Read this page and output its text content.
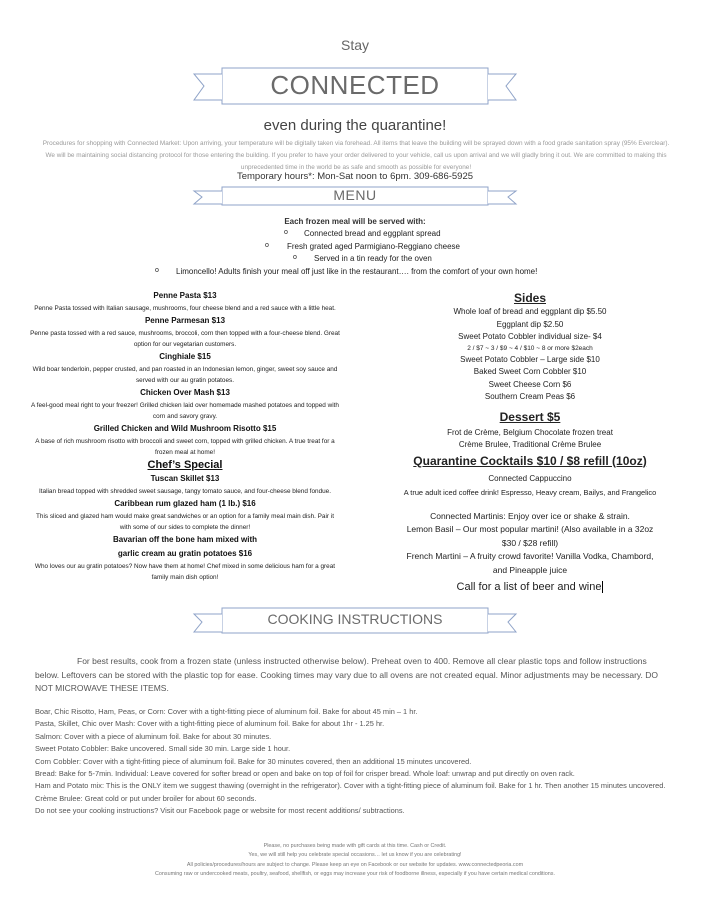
Stay
CONNECTED
even during the quarantine!
Procedures for shopping with Connected Market: Upon arriving, your temperature will be digitally taken via forehead. All items that leave the building will be sprayed down with a food grade sanitation spray (95% Everclear). We will be maintaining social distancing protocol for those entering the building. If you prefer to have your order delivered to your vehicle, call us upon arrival and we will gladly bring it out. We are committed to making this unprecedented time in the world be as safe and smooth as possible for everyone!
Temporary hours*: Mon-Sat noon to 6pm. 309-686-5925
MENU
Each frozen meal will be served with:
o Connected bread and eggplant spread
o Fresh grated aged Parmigiano-Reggiano cheese
o Served in a tin ready for the oven
o Limoncello! Adults finish your meal off just like in the restaurant…. from the comfort of your own home!
Penne Pasta $13
Penne Pasta tossed with Italian sausage, mushrooms, four cheese blend and a red sauce with a little heat.
Penne Parmesan $13
Penne pasta tossed with a red sauce, mushrooms, broccoli, corn then topped with a four-cheese blend. Great option for our vegetarian customers.
Cinghiale $15
Wild boar tenderloin, pepper crusted, and pan roasted in an Indonesian lemon, ginger, sweet soy sauce and served with our au gratin potatoes.
Chicken Over Mash $13
A feel-good meal right to your freezer! Grilled chicken laid over homemade mashed potatoes and topped with corn and savory gravy.
Grilled Chicken and Wild Mushroom Risotto $15
A base of rich mushroom risotto with broccoli and sweet corn, topped with grilled chicken. A true treat for a frozen meal at home!
Chef’s Special
Tuscan Skillet $13
Italian bread topped with shredded sweet sausage, tangy tomato sauce, and four-cheese blend fondue.
Caribbean rum glazed ham (1 lb.) $16
This sliced and glazed ham would make great sandwiches or an option for a family meal main dish. Pair it with some of our sides to complete the dinner!
Bavarian off the bone ham mixed with
garlic cream au gratin potatoes $16
Who loves our au gratin potatoes? Now have them at home! Chef mixed in some delicious ham for a great family main dish option!
Sides
Whole loaf of bread and eggplant dip $5.50
Eggplant dip $2.50
Sweet Potato Cobbler individual size- $4
2 / $7 ~ 3 / $9 ~ 4 / $10 ~ 8 or more $2each
Sweet Potato Cobbler – Large side $10
Baked Sweet Corn Cobbler $10
Sweet Cheese Corn $6
Southern Cream Peas $6
Dessert $5
Frot de Crème, Belgium Chocolate frozen treat
Crème Brulee, Traditional Crème Brulee
Quarantine Cocktails $10 / $8 refill (10oz)
Connected Cappuccino
A true adult iced coffee drink! Espresso, Heavy cream, Bailys, and Frangelico
Connected Martinis: Enjoy over ice or shake & strain.
Lemon Basil – Our most popular martini! (Also available in a 32oz
$30 / $28 refill)
French Martini – A fruity crowd favorite! Vanilla Vodka, Chambord,
and Pineapple juice
Call for a list of beer and wine
COOKING INSTRUCTIONS
For best results, cook from a frozen state (unless instructed otherwise below). Preheat oven to 400. Remove all clear plastic tops and follow instructions below. Leftovers can be stored with the plastic top for ease. Cooking times may vary due to all ovens are not created equal. Minor adjustments may be necessary. DO NOT MICROWAVE THESE ITEMS.
Boar, Chic Risotto, Ham, Peas, or Corn: Cover with a tight-fitting piece of aluminum foil. Bake for about 45 min – 1 hr.
Pasta, Skillet, Chic over Mash: Cover with a tight-fitting piece of aluminum foil. Bake for about 1hr - 1.25 hr.
Salmon: Cover with a piece of aluminum foil. Bake for about 30 minutes.
Sweet Potato Cobbler: Bake uncovered. Small side 30 min. Large side 1 hour.
Corn Cobbler: Cover with a tight-fitting piece of aluminum foil. Bake for 30 minutes covered, then an additional 15 minutes uncovered.
Bread: Bake for 5-7min. Individual: Leave covered for softer bread or open and bake on top of foil for crisper bread. Whole loaf: unwrap and put directly on oven rack.
Ham and Potato mix: This is the ONLY item we suggest thawing (overnight in the refrigerator). Cover with a tight-fitting piece of aluminum foil. Bake for 1 hr. Then another 15 minutes uncovered.
Crème Brulee: Great cold or put under broiler for about 60 seconds.
Do not see your cooking instructions? Visit our Facebook page or website for most recent additions/ subtractions.
Please, no purchases being made with gift cards at this time. Cash or Credit.
Yes, we will still help you celebrate special occasions… let us know if you are celebrating!
All policies/procedures/hours are subject to change. Please keep an eye on Facebook or our website for updates. www.connectedpeoria.com
Consuming raw or undercooked meats, poultry, seafood, shellfish, or eggs may increase your risk of foodborne illness, especially if you have certain medical conditions.
